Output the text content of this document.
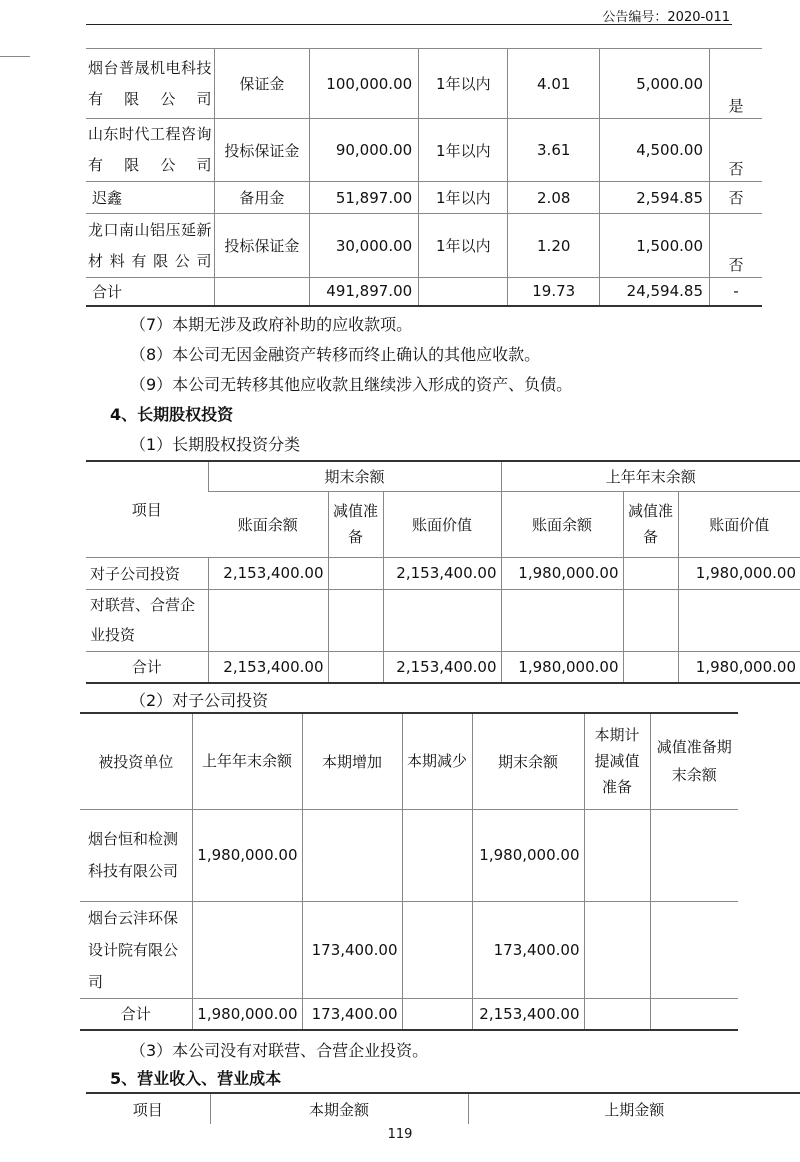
公告编号：2020-011
烟台普晟机电科技有限公司	保证金	100,000.00	1年以内	4.01	5,000.00	是
山东时代工程咨询有限公司	投标保证金	90,000.00	1年以内	3.61	4,500.00	否
迟鑫	备用金	51,897.00	1年以内	2.08	2,594.85	否
龙口南山铝压延新材料有限公司	投标保证金	30,000.00	1年以内	1.20	1,500.00	否
合计		491,897.00		19.73	24,594.85	-
（7）本期无涉及政府补助的应收款项。
（8）本公司无因金融资产转移而终止确认的其他应收款。
（9）本公司无转移其他应收款且继续涉入形成的资产、负债。
4、长期股权投资
（1）长期股权投资分类
项目	期末余额			上年年末余额		
	账面余额	减值准备	账面价值	账面余额	减值准备	账面价值
对子公司投资	2,153,400.00		2,153,400.00	1,980,000.00		1,980,000.00
对联营、合营企业投资						
合计	2,153,400.00		2,153,400.00	1,980,000.00		1,980,000.00
（2）对子公司投资
被投资单位	上年年末余额	本期增加	本期减少	期末余额	本期计提减值准备	减值准备期末余额
烟台恒和检测科技有限公司	1,980,000.00			1,980,000.00		
烟台云沣环保设计院有限公司		173,400.00		173,400.00		
合计	1,980,000.00	173,400.00		2,153,400.00		
（3）本公司没有对联营、合营企业投资。
5、营业收入、营业成本
项目	本期金额	上期金额
119
